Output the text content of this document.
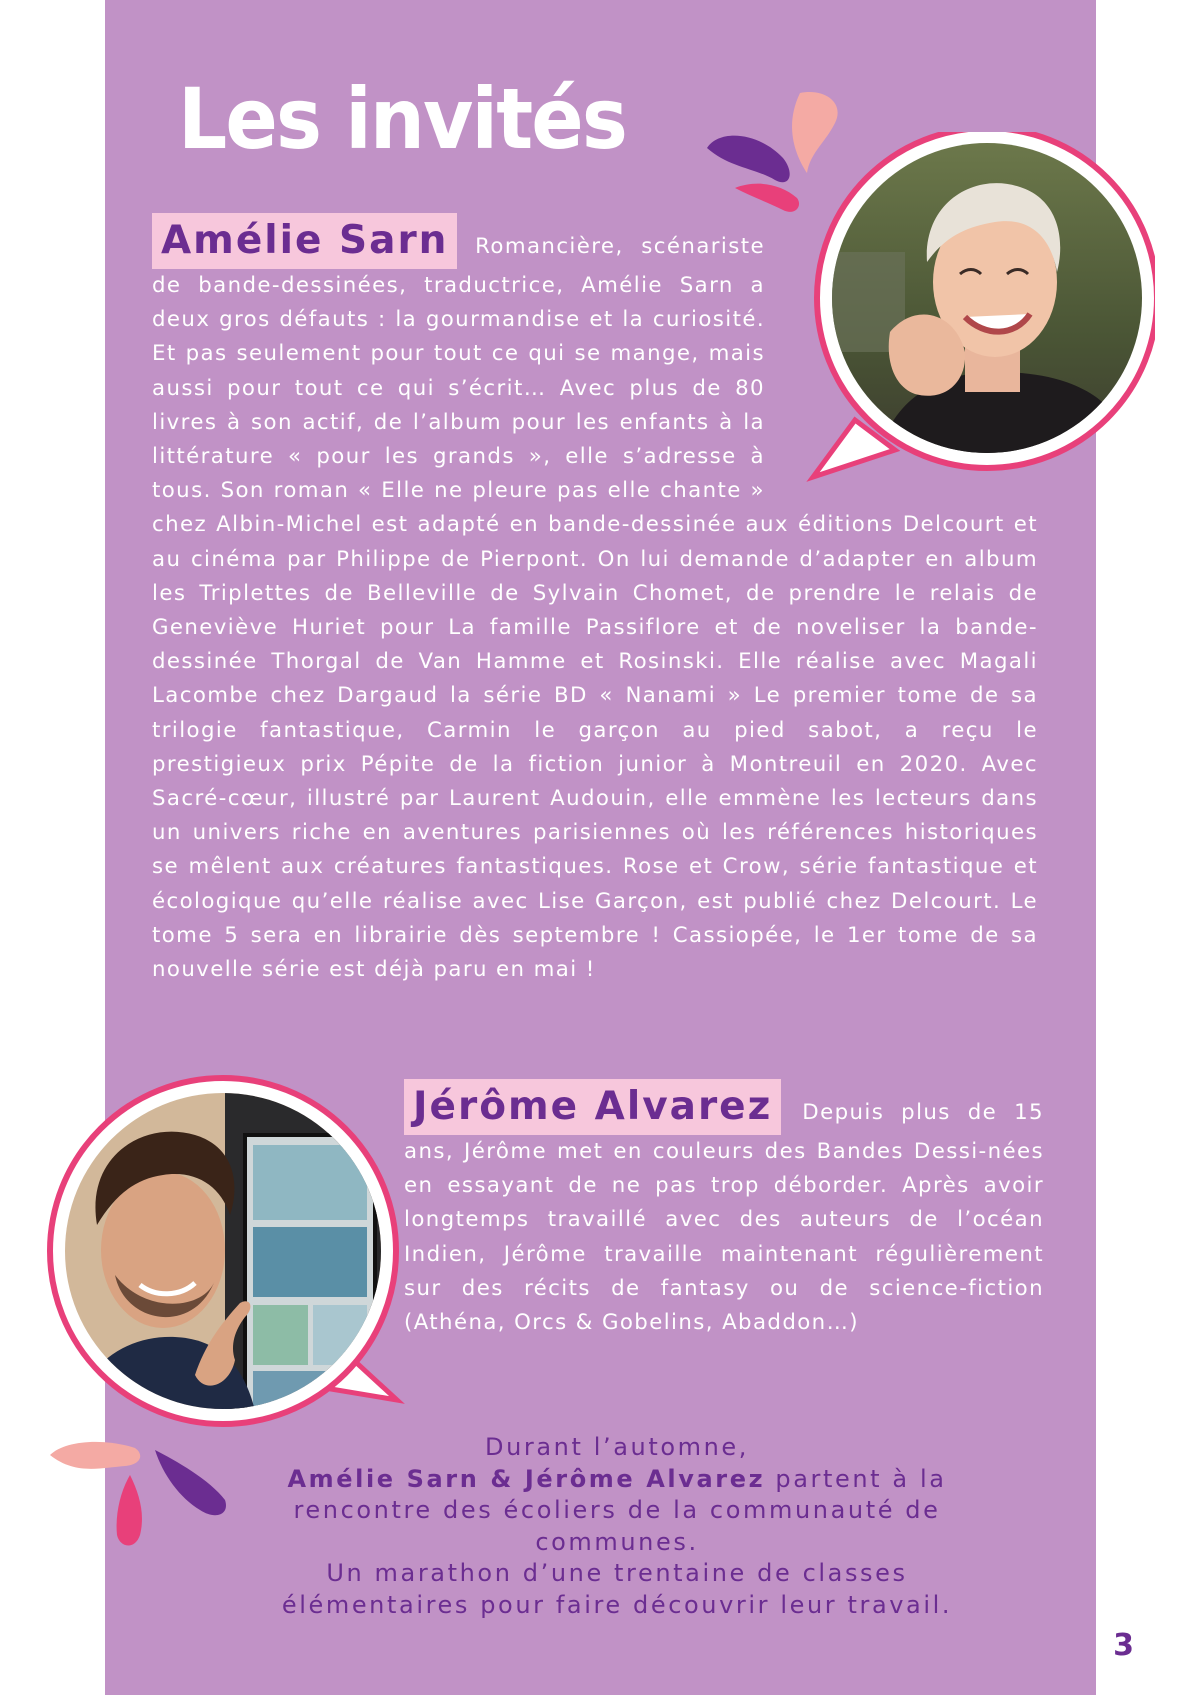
Les invités
Amélie Sarn Romancière, scénariste de bande-dessinées, traductrice, Amélie Sarn a deux gros défauts : la gourmandise et la curiosité. Et pas seulement pour tout ce qui se mange, mais aussi pour tout ce qui s’écrit… Avec plus de 80 livres à son actif, de l’album pour les enfants à la littérature « pour les grands », elle s’adresse à tous. Son roman « Elle ne pleure pas elle chante » chez Albin-Michel est adapté en bande-dessinée aux éditions Delcourt et au cinéma par Philippe de Pierpont. On lui demande d’adapter en album les Triplettes de Belleville de Sylvain Chomet, de prendre le relais de Geneviève Huriet pour La famille Passiflore et de noveliser la bande-dessinée Thorgal de Van Hamme et Rosinski. Elle réalise avec Magali Lacombe chez Dargaud la série BD « Nanami » Le premier tome de sa trilogie fantastique, Carmin le garçon au pied sabot, a reçu le prestigieux prix Pépite de la fiction junior à Montreuil en 2020. Avec Sacré-cœur, illustré par Laurent Audouin, elle emmène les lecteurs dans un univers riche en aventures parisiennes où les références historiques se mêlent aux créatures fantastiques. Rose et Crow, série fantastique et écologique qu’elle réalise avec Lise Garçon, est publié chez Delcourt. Le tome 5 sera en librairie dès septembre ! Cassiopée, le 1er tome de sa nouvelle série est déjà paru en mai !
Jérôme Alvarez Depuis plus de 15 ans, Jérôme met en couleurs des Bandes Dessi-nées en essayant de ne pas trop déborder. Après avoir longtemps travaillé avec des auteurs de l’océan Indien, Jérôme travaille maintenant régulièrement sur des récits de fantasy ou de science-fiction (Athéna, Orcs & Gobelins, Abaddon…)
Durant l’automne,
Amélie Sarn & Jérôme Alvarez partent à la
rencontre des écoliers de la communauté de
communes.
Un marathon d’une trentaine de classes
élémentaires pour faire découvrir leur travail.
3
